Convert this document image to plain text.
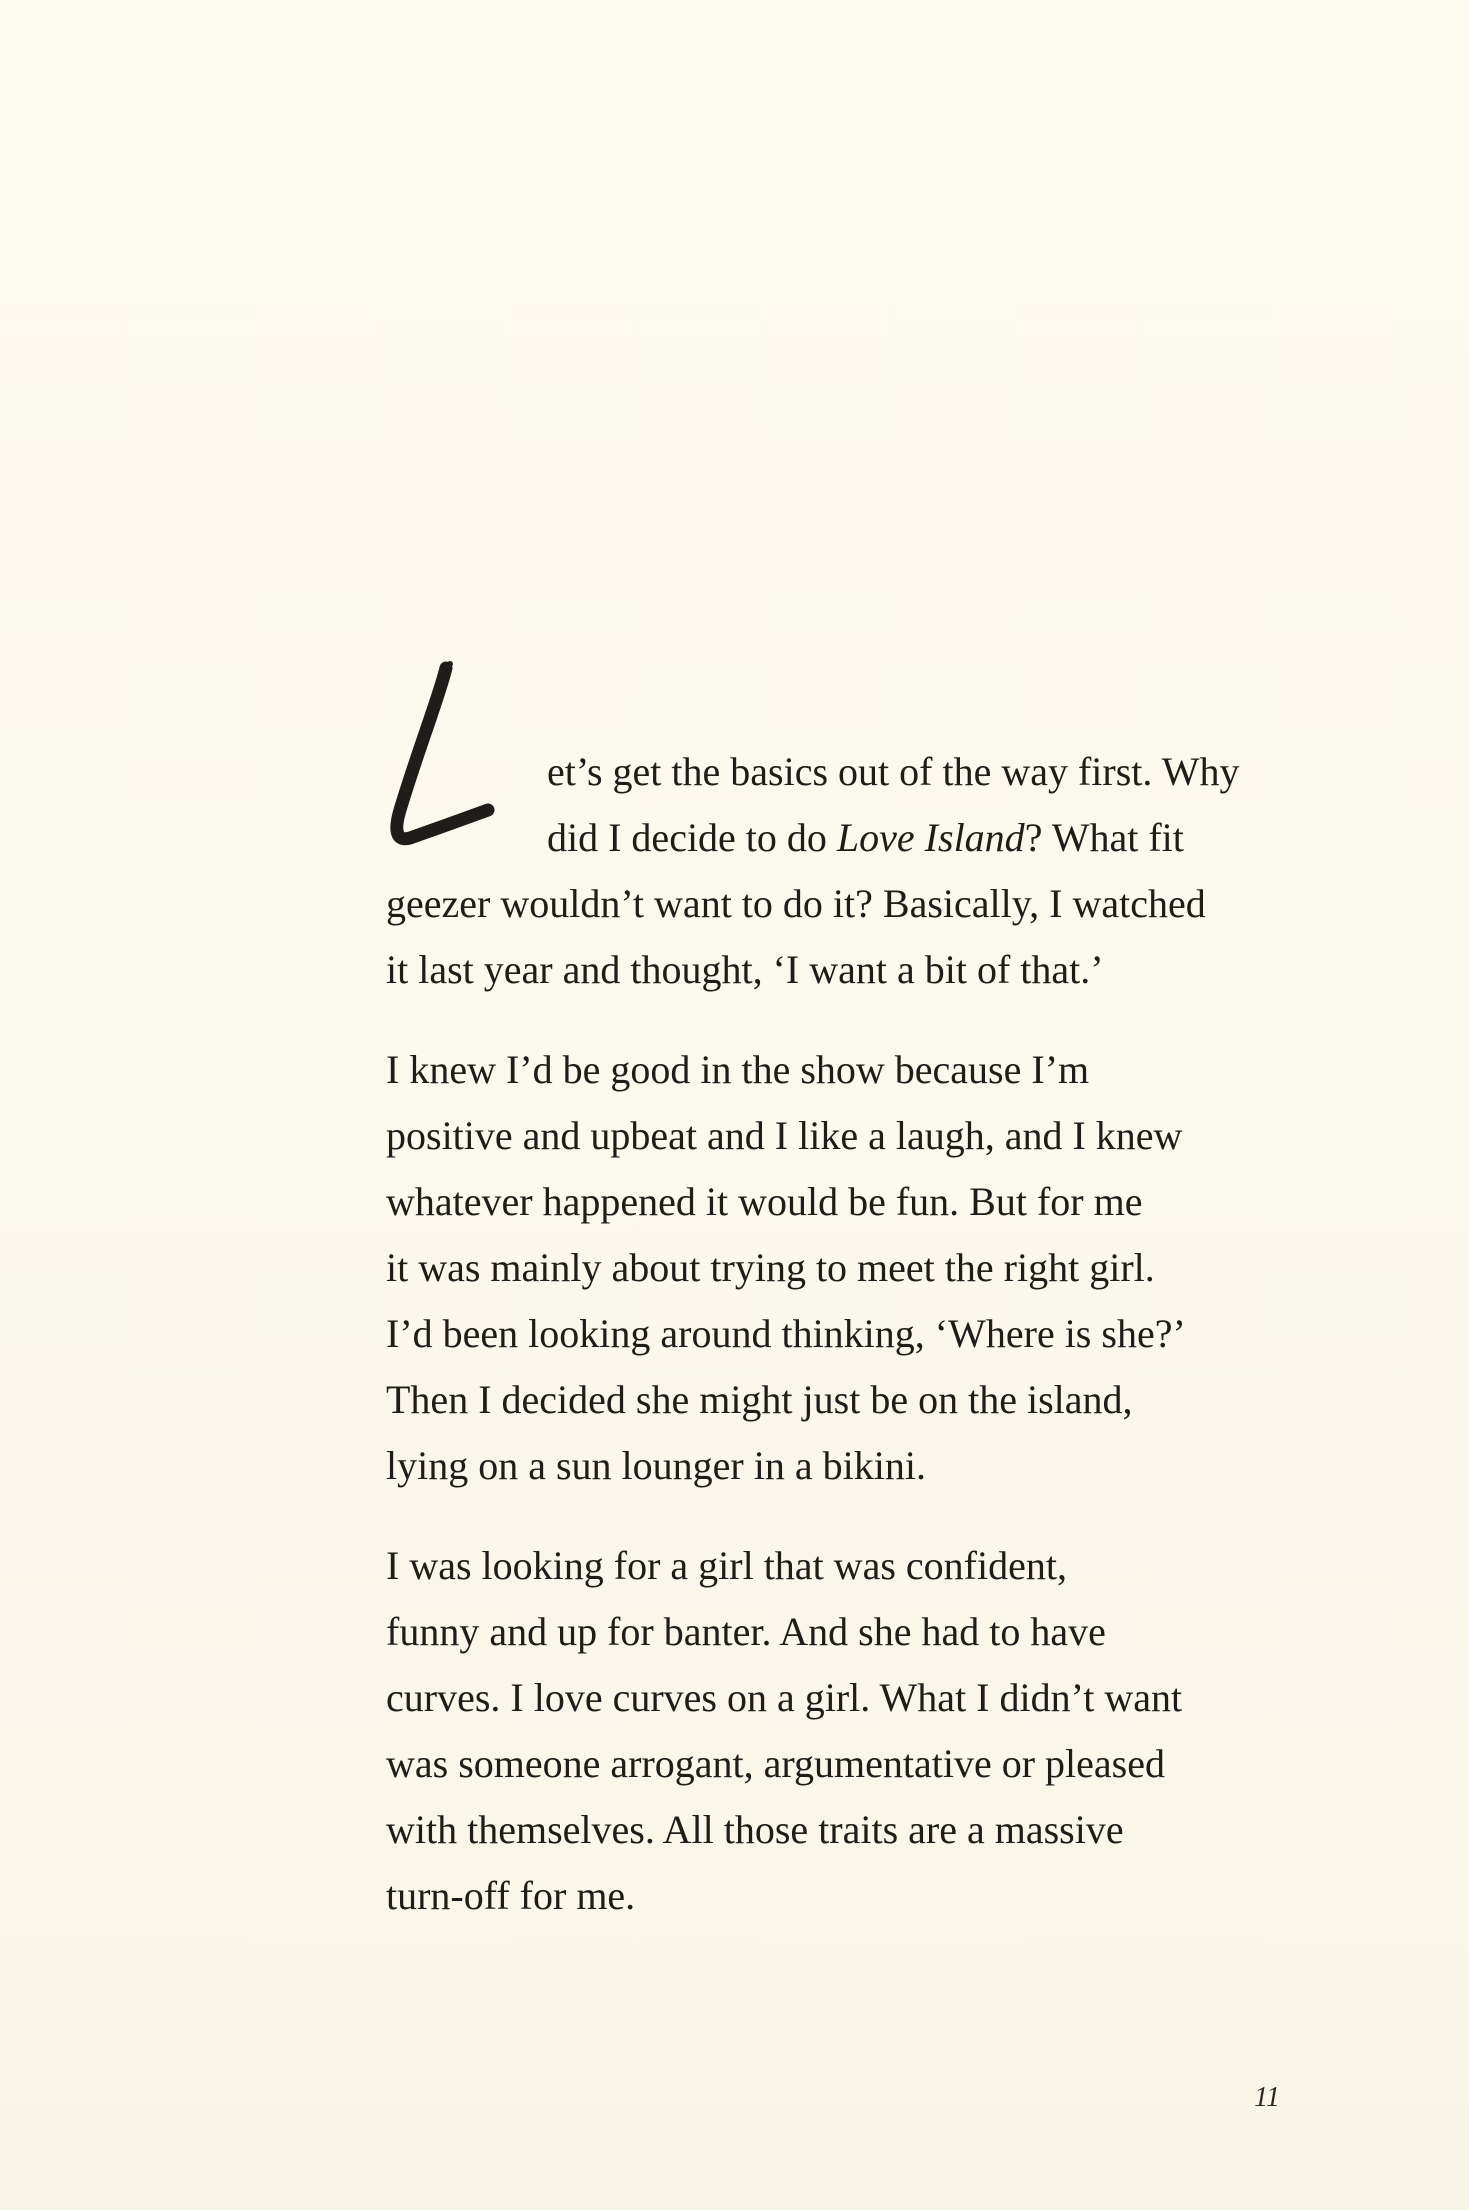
et’s get the basics out of the way first. Why
did I decide to do Love Island? What fit
geezer wouldn’t want to do it? Basically, I watched
it last year and thought, ‘I want a bit of that.’
I knew I’d be good in the show because I’m
positive and upbeat and I like a laugh, and I knew
whatever happened it would be fun. But for me
it was mainly about trying to meet the right girl.
I’d been looking around thinking, ‘Where is she?’
Then I decided she might just be on the island,
lying on a sun lounger in a bikini.
I was looking for a girl that was confident,
funny and up for banter. And she had to have
curves. I love curves on a girl. What I didn’t want
was someone arrogant, argumentative or pleased
with themselves. All those traits are a massive
turn-off for me.
11
